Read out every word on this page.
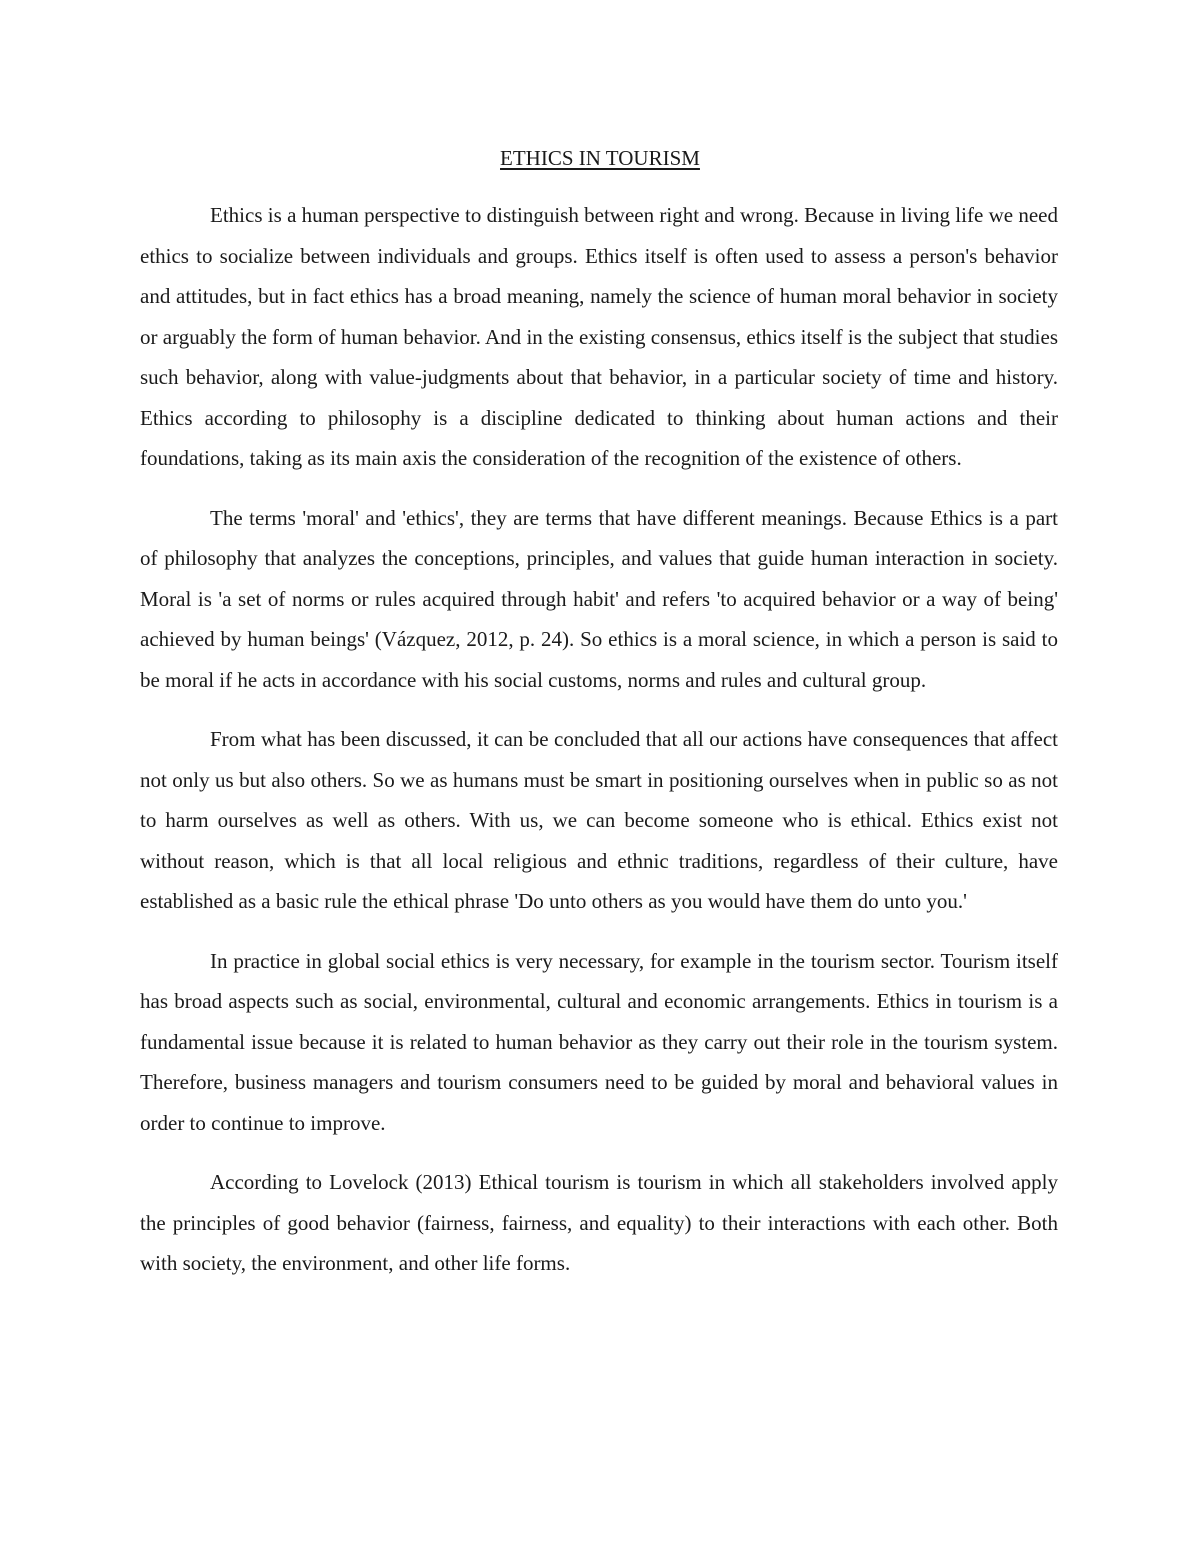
ETHICS IN TOURISM

Ethics is a human perspective to distinguish between right and wrong. Because in living life we need ethics to socialize between individuals and groups. Ethics itself is often used to assess a person's behavior and attitudes, but in fact ethics has a broad meaning, namely the science of human moral behavior in society or arguably the form of human behavior. And in the existing consensus, ethics itself is the subject that studies such behavior, along with value-judgments about that behavior, in a particular society of time and history. Ethics according to philosophy is a discipline dedicated to thinking about human actions and their foundations, taking as its main axis the consideration of the recognition of the existence of others.

The terms 'moral' and 'ethics', they are terms that have different meanings. Because Ethics is a part of philosophy that analyzes the conceptions, principles, and values that guide human interaction in society. Moral is 'a set of norms or rules acquired through habit' and refers 'to acquired behavior or a way of being' achieved by human beings' (Vázquez, 2012, p. 24). So ethics is a moral science, in which a person is said to be moral if he acts in accordance with his social customs, norms and rules and cultural group.

From what has been discussed, it can be concluded that all our actions have consequences that affect not only us but also others. So we as humans must be smart in positioning ourselves when in public so as not to harm ourselves as well as others. With us, we can become someone who is ethical. Ethics exist not without reason, which is that all local religious and ethnic traditions, regardless of their culture, have established as a basic rule the ethical phrase 'Do unto others as you would have them do unto you.'

In practice in global social ethics is very necessary, for example in the tourism sector. Tourism itself has broad aspects such as social, environmental, cultural and economic arrangements. Ethics in tourism is a fundamental issue because it is related to human behavior as they carry out their role in the tourism system. Therefore, business managers and tourism consumers need to be guided by moral and behavioral values in order to continue to improve.

According to Lovelock (2013) Ethical tourism is tourism in which all stakeholders involved apply the principles of good behavior (fairness, fairness, and equality) to their interactions with each other. Both with society, the environment, and other life forms.
